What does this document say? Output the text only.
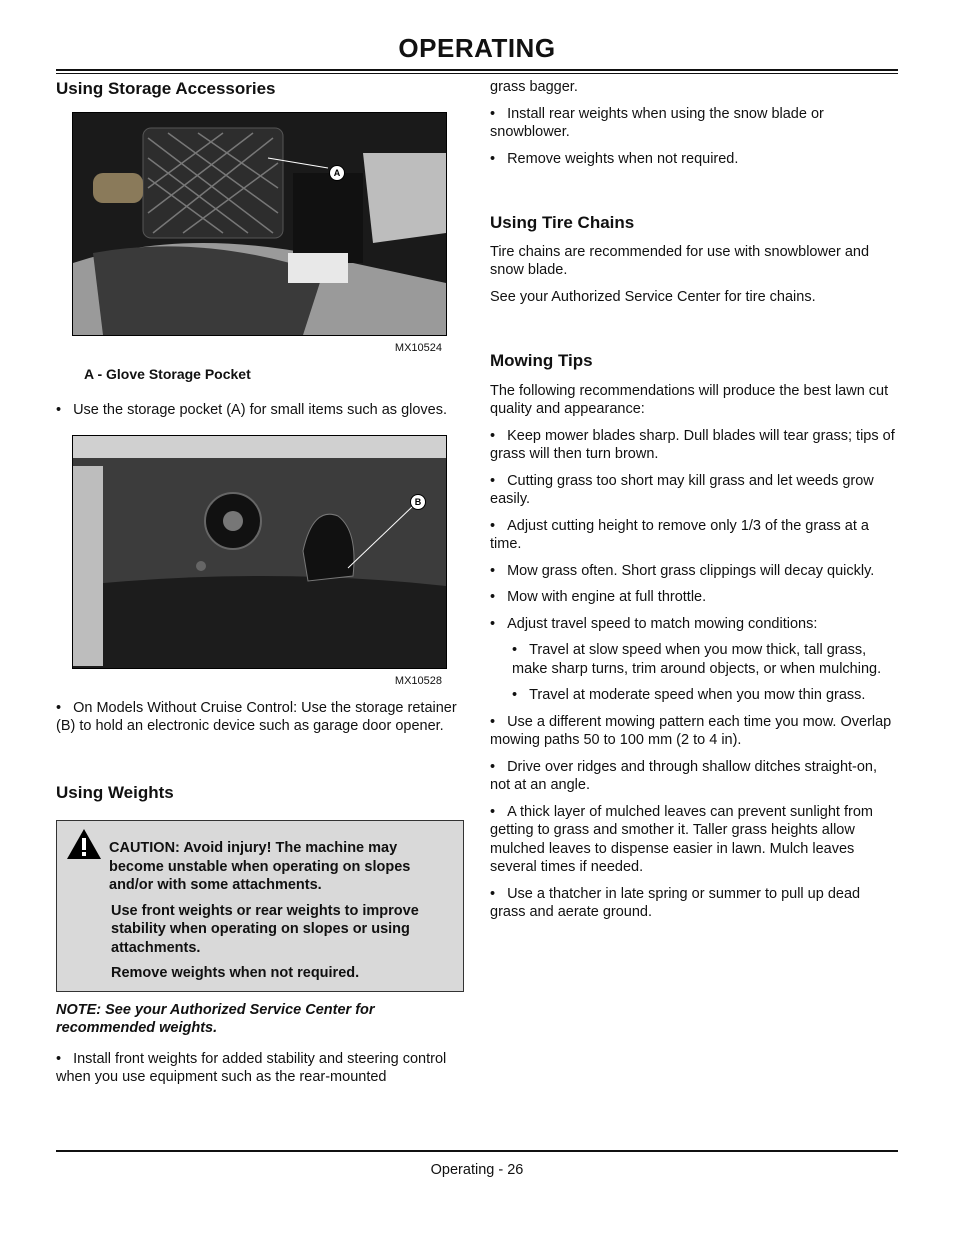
OPERATING
Using Storage Accessories
A
MX10524
A - Glove Storage Pocket

• Use the storage pocket (A) for small items such as gloves.

B
MX10528

• On Models Without Cruise Control: Use the storage retainer (B) to hold an electronic device such as garage door opener.

Using Weights

CAUTION: Avoid injury! The machine may become unstable when operating on slopes and/or with some attachments.

Use front weights or rear weights to improve stability when operating on slopes or using attachments.

Remove weights when not required.

NOTE: See your Authorized Service Center for recommended weights.

• Install front weights for added stability and steering control when you use equipment such as the rear-mounted

grass bagger.

• Install rear weights when using the snow blade or snowblower.

• Remove weights when not required.

Using Tire Chains

Tire chains are recommended for use with snowblower and snow blade.

See your Authorized Service Center for tire chains.

Mowing Tips

The following recommendations will produce the best lawn cut quality and appearance:

• Keep mower blades sharp. Dull blades will tear grass; tips of grass will then turn brown.

• Cutting grass too short may kill grass and let weeds grow easily.

• Adjust cutting height to remove only 1/3 of the grass at a time.

• Mow grass often. Short grass clippings will decay quickly.

• Mow with engine at full throttle.

• Adjust travel speed to match mowing conditions:

• Travel at slow speed when you mow thick, tall grass, make sharp turns, trim around objects, or when mulching.

• Travel at moderate speed when you mow thin grass.

• Use a different mowing pattern each time you mow. Overlap mowing paths 50 to 100 mm (2 to 4 in).

• Drive over ridges and through shallow ditches straight-on, not at an angle.

• A thick layer of mulched leaves can prevent sunlight from getting to grass and smother it. Taller grass heights allow mulched leaves to dispense easier in lawn. Mulch leaves several times if needed.

• Use a thatcher in late spring or summer to pull up dead grass and aerate ground.

Operating - 26
